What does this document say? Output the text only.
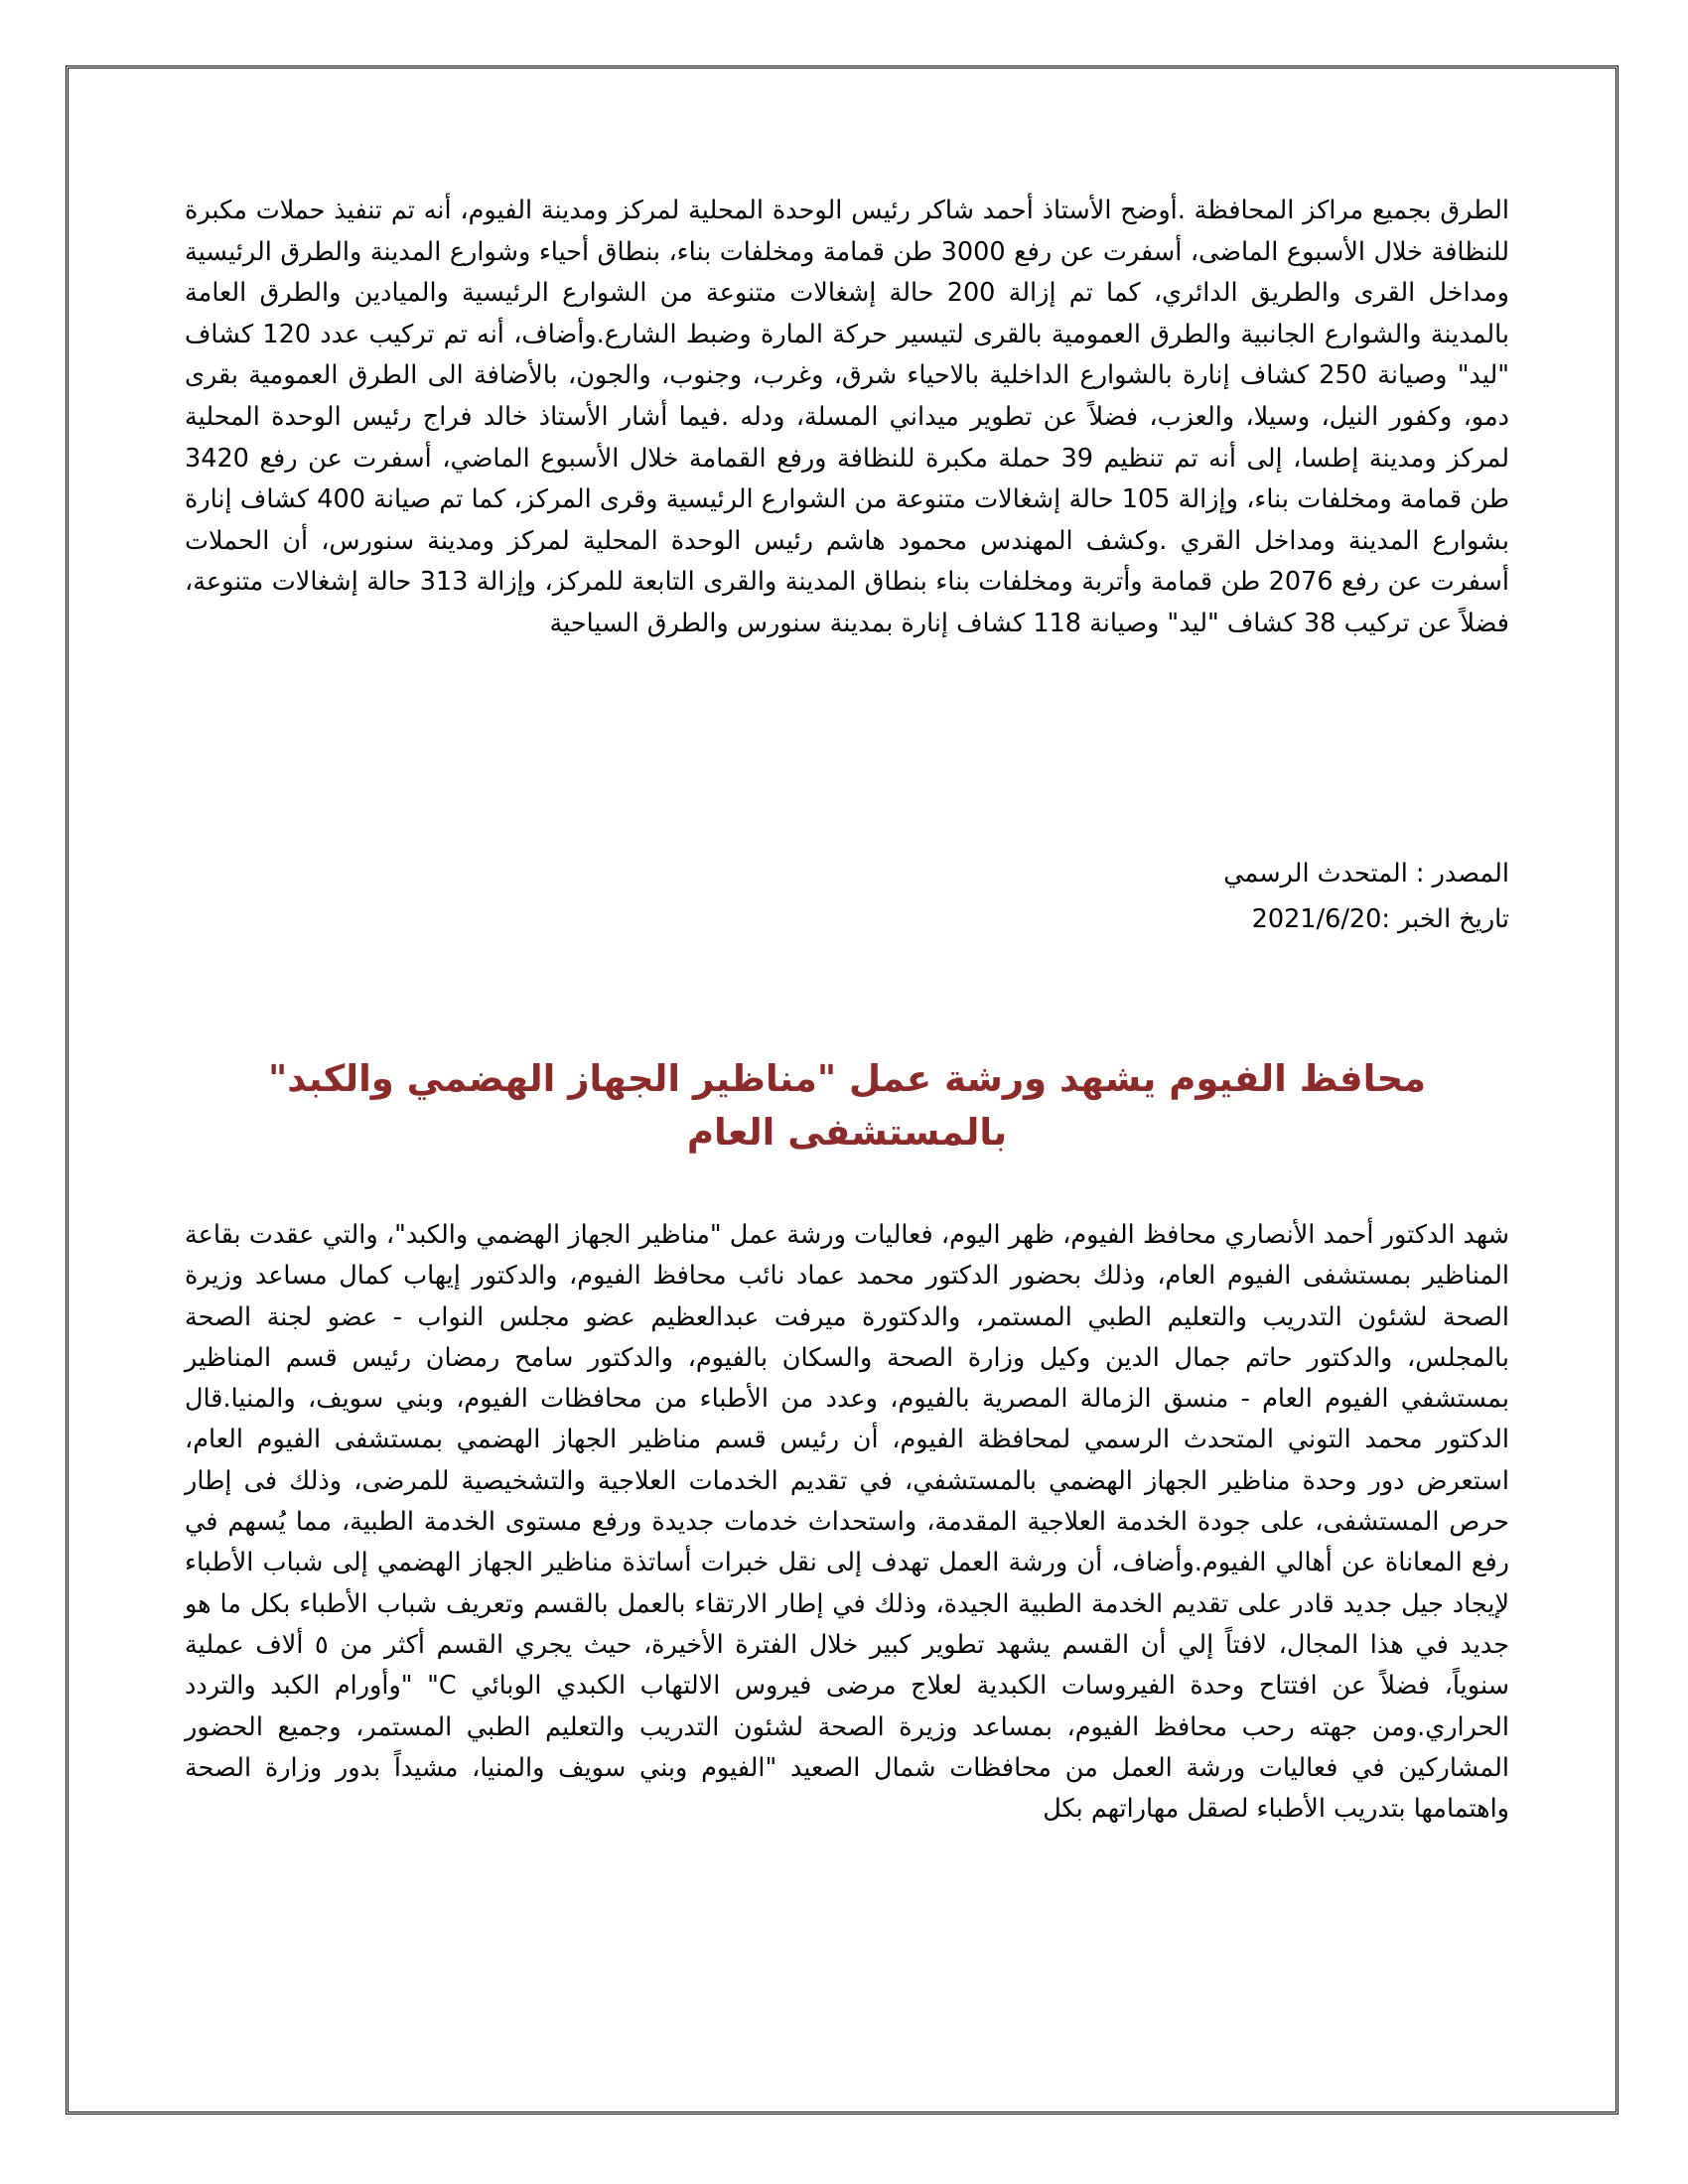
الطرق بجميع مراكز المحافظة .أوضح الأستاذ أحمد شاكر رئيس الوحدة المحلية لمركز ومدينة الفيوم، أنه تم تنفيذ حملات مكبرة للنظافة خلال الأسبوع الماضى، أسفرت عن رفع 3000 طن قمامة ومخلفات بناء، بنطاق أحياء وشوارع المدينة والطرق الرئيسية ومداخل القرى والطريق الدائري، كما تم إزالة 200 حالة إشغالات متنوعة من الشوارع الرئيسية والميادين والطرق العامة بالمدينة والشوارع الجانبية والطرق العمومية بالقرى لتيسير حركة المارة وضبط الشارع.وأضاف، أنه تم تركيب عدد 120 كشاف "ليد" وصيانة 250 كشاف إنارة بالشوارع الداخلية بالاحياء شرق، وغرب، وجنوب، والجون، بالأضافة الى الطرق العمومية بقرى دمو، وكفور النيل، وسيلا، والعزب، فضلاً عن تطوير ميداني المسلة، ودله .فيما أشار الأستاذ خالد فراج رئيس الوحدة المحلية لمركز ومدينة إطسا، إلى أنه تم تنظيم 39 حملة مكبرة للنظافة ورفع القمامة خلال الأسبوع الماضي، أسفرت عن رفع 3420 طن قمامة ومخلفات بناء، وإزالة 105 حالة إشغالات متنوعة من الشوارع الرئيسية وقرى المركز، كما تم صيانة 400 كشاف إنارة بشوارع المدينة ومداخل القري .وكشف المهندس محمود هاشم رئيس الوحدة المحلية لمركز ومدينة سنورس، أن الحملات أسفرت عن رفع 2076 طن قمامة وأتربة ومخلفات بناء بنطاق المدينة والقرى التابعة للمركز، وإزالة 313 حالة إشغالات متنوعة، فضلاً عن تركيب 38 كشاف "ليد" وصيانة 118 كشاف إنارة بمدينة سنورس والطرق السياحية

المصدر : المتحدث الرسمي
تاريخ الخبر :2021/6/20
محافظ الفيوم يشهد ورشة عمل "مناظير الجهاز الهضمي والكبد" بالمستشفى العام

شهد الدكتور أحمد الأنصاري محافظ الفيوم، ظهر اليوم، فعاليات ورشة عمل "مناظير الجهاز الهضمي والكبد"، والتي عقدت بقاعة المناظير بمستشفى الفيوم العام، وذلك بحضور الدكتور محمد عماد نائب محافظ الفيوم، والدكتور إيهاب كمال مساعد وزيرة الصحة لشئون التدريب والتعليم الطبي المستمر، والدكتورة ميرفت عبدالعظيم عضو مجلس النواب - عضو لجنة الصحة بالمجلس، والدكتور حاتم جمال الدين وكيل وزارة الصحة والسكان بالفيوم، والدكتور سامح رمضان رئيس قسم المناظير بمستشفي الفيوم العام - منسق الزمالة المصرية بالفيوم، وعدد من الأطباء من محافظات الفيوم، وبني سويف، والمنيا.قال الدكتور محمد التوني المتحدث الرسمي لمحافظة الفيوم، أن رئيس قسم مناظير الجهاز الهضمي بمستشفى الفيوم العام، استعرض دور وحدة مناظير الجهاز الهضمي بالمستشفي، في تقديم الخدمات العلاجية والتشخيصية للمرضى، وذلك فى إطار حرص المستشفى، على جودة الخدمة العلاجية المقدمة، واستحداث خدمات جديدة ورفع مستوى الخدمة الطبية، مما يُسهم في رفع المعاناة عن أهالي الفيوم.وأضاف، أن ورشة العمل تهدف إلى نقل خبرات أساتذة مناظير الجهاز الهضمي إلى شباب الأطباء لإيجاد جيل جديد قادر على تقديم الخدمة الطبية الجيدة، وذلك في إطار الارتقاء بالعمل بالقسم وتعريف شباب الأطباء بكل ما هو جديد في هذا المجال، لافتاً إلي أن القسم يشهد تطوير كبير خلال الفترة الأخيرة، حيث يجري القسم أكثر من ٥ ألاف عملية سنوياً، فضلاً عن افتتاح وحدة الفيروسات الكبدية لعلاج مرضى فيروس الالتهاب الكبدي الوبائي C" "وأورام الكبد والتردد الحراري.ومن جهته رحب محافظ الفيوم، بمساعد وزيرة الصحة لشئون التدريب والتعليم الطبي المستمر، وجميع الحضور المشاركين في فعاليات ورشة العمل من محافظات شمال الصعيد "الفيوم وبني سويف والمنيا، مشيداً بدور وزارة الصحة واهتمامها بتدريب الأطباء لصقل مهاراتهم بكل
